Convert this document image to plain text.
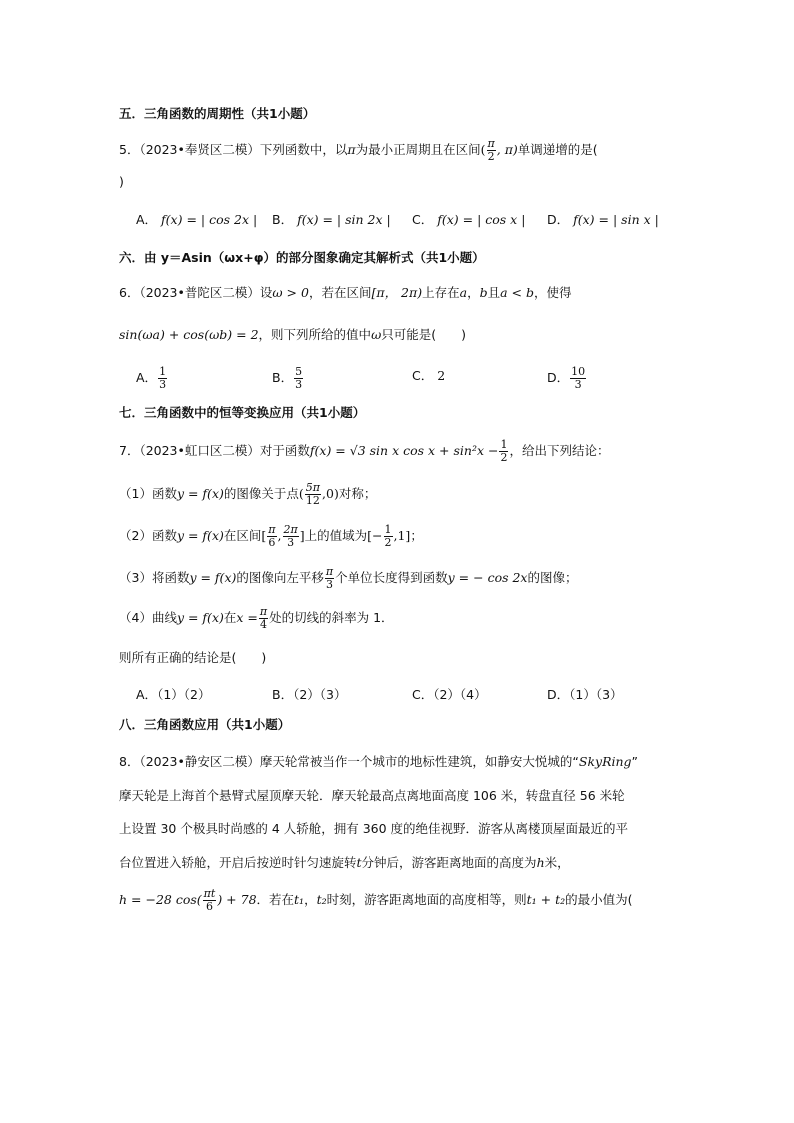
五．三角函数的周期性（共1小题）
5．（2023•奉贤区二模）下列函数中，以π为最小正周期且在区间( $\frac{\pi}{2}$ , π)单调递增的是(
)
A． f(x) = | cos 2x | B． f(x) = | sin 2x | C． f(x) = | cos x | D． f(x) = | sin x |
六．由 y＝Asin（ωx+φ）的部分图象确定其解析式（共1小题）
6．（2023•普陀区二模）设ω > 0，若在区间[π， 2π)上存在a，b且a < b，使得
sin(ωa) + cos(ωb) = 2，则下列所给的值中ω只可能是(　　)
A． $\frac{1}{3}$	B． $\frac{5}{3}$	C． 2	D． $\frac{10}{3}$
七．三角函数中的恒等变换应用（共1小题）
7．（2023•虹口区二模）对于函数f(x) = √3 sin x $\cos x + \sin^2x - \frac{1}{2}$ ，给出下列结论：
（1）函数y = f(x)的图像关于点( $\frac{5\pi}{12} ,0$)对称；
（2）函数y = f(x)在区间[ $\frac{\pi}{6}$ , $\frac{2\pi}{3}$ ]上的值域为[− $\frac{1}{2} ,1$]；
（3）将函数y = f(x)的图像向左平移 $\frac{\pi}{3}$ 个单位长度得到函数y = − cos 2x的图像；
（4）曲线y = f(x)在$x = \frac{\pi}{4}$ 处的切线的斜率为 1．
则所有正确的结论是(　　)
A．（1）（2）	B．（2）（3）	C．（2）（4）	D．（1）（3）
八．三角函数应用（共1小题）
8．（2023•静安区二模）摩天轮常被当作一个城市的地标性建筑，如静安大悦城的“SkyRing”
摩天轮是上海首个悬臂式屋顶摩天轮．摩天轮最高点离地面高度 106 米，转盘直径 56 米轮
上设置 30 个极具时尚感的 4 人轿舱，拥有 360 度的绝佳视野．游客从离楼顶屋面最近的平
台位置进入轿舱，开启后按逆时针匀速旋转t分钟后，游客距离地面的高度为h米，
h = −28 $\cos( \frac{\pi t}{6}$ ) + 78．若在t₁，t₂时刻，游客距离地面的高度相等，则t₁ + t₂的最小值为(
